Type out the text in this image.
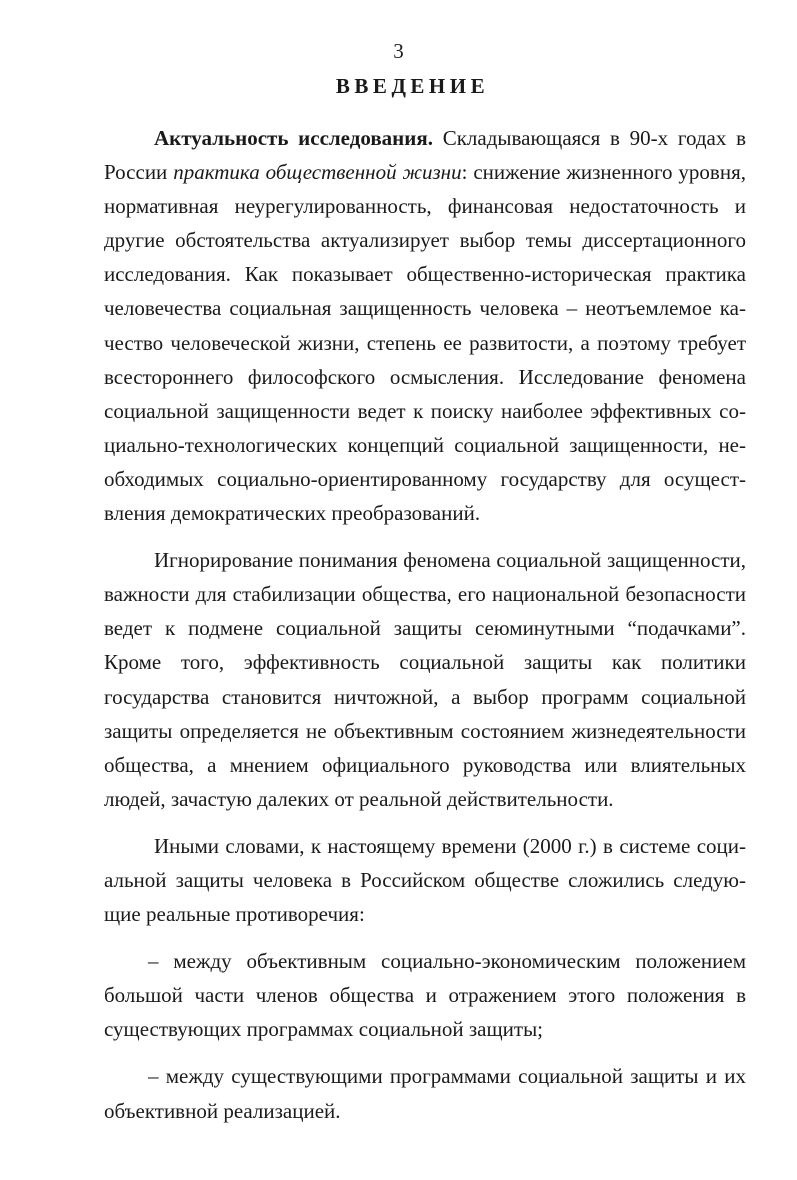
3
ВВЕДЕНИЕ

Актуальность исследования. Складывающаяся в 90-х годах в России практика общественной жизни: снижение жизненного уровня, нормативная неурегулированность, финансовая недостаточность и другие обстоятельства актуализирует выбор темы диссертационного исследования. Как показывает общественно-историческая практика человечества социальная защищенность человека – неотъемлемое качество человеческой жизни, степень ее развитости, а поэтому требует всестороннего философского осмысления. Исследование феномена социальной защищенности ведет к поиску наиболее эффективных социально-технологических концепций социальной защищенности, необходимых социально-ориентированному государству для осуществления демократических преобразований.

Игнорирование понимания феномена социальной защищенности, важности для стабилизации общества, его национальной безопасности ведет к подмене социальной защиты сеюминутными “подачками”. Кроме того, эффективность социальной защиты как политики государства становится ничтожной, а выбор программ социальной защиты определяется не объективным состоянием жизнедеятельности общества, а мнением официального руководства или влиятельных людей, зачастую далеких от реальной действительности.

Иными словами, к настоящему времени (2000 г.) в системе социальной защиты человека в Российском обществе сложились следующие реальные противоречия:

– между объективным социально-экономическим положением большой части членов общества и отражением этого положения в существующих программах социальной защиты;

– между существующими программами социальной защиты и их объективной реализацией.
